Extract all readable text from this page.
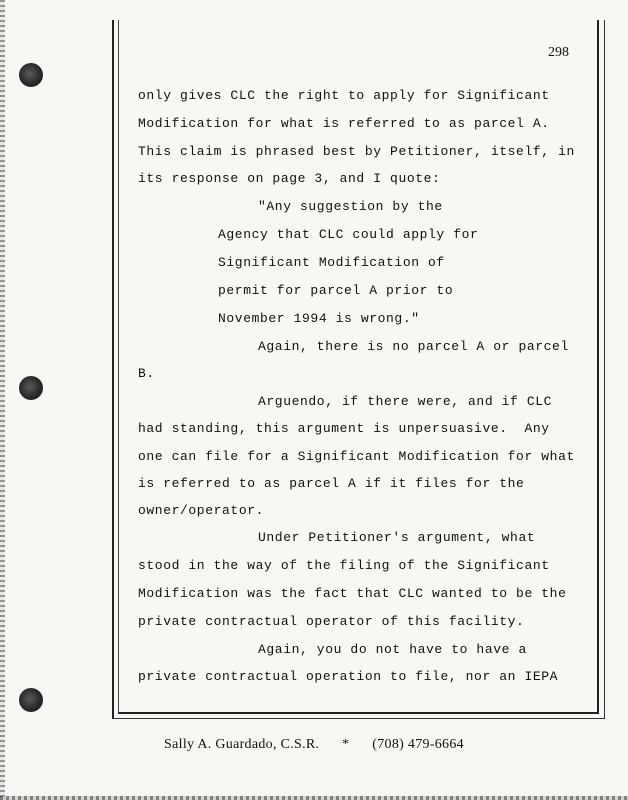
298
only gives CLC the right to apply for Significant
Modification for what is referred to as parcel A.
This claim is phrased best by Petitioner, itself, in
its response on page 3, and I quote:
"Any suggestion by the
Agency that CLC could apply for
Significant Modification of
permit for parcel A prior to
November 1994 is wrong."
Again, there is no parcel A or parcel
B.
Arguendo, if there were, and if CLC
had standing, this argument is unpersuasive.  Any
one can file for a Significant Modification for what
is referred to as parcel A if it files for the
owner/operator.
Under Petitioner's argument, what
stood in the way of the filing of the Significant
Modification was the fact that CLC wanted to be the
private contractual operator of this facility.
Again, you do not have to have a
private contractual operation to file, nor an IEPA
Sally A. Guardado, C.S.R. * (708) 479-6664
